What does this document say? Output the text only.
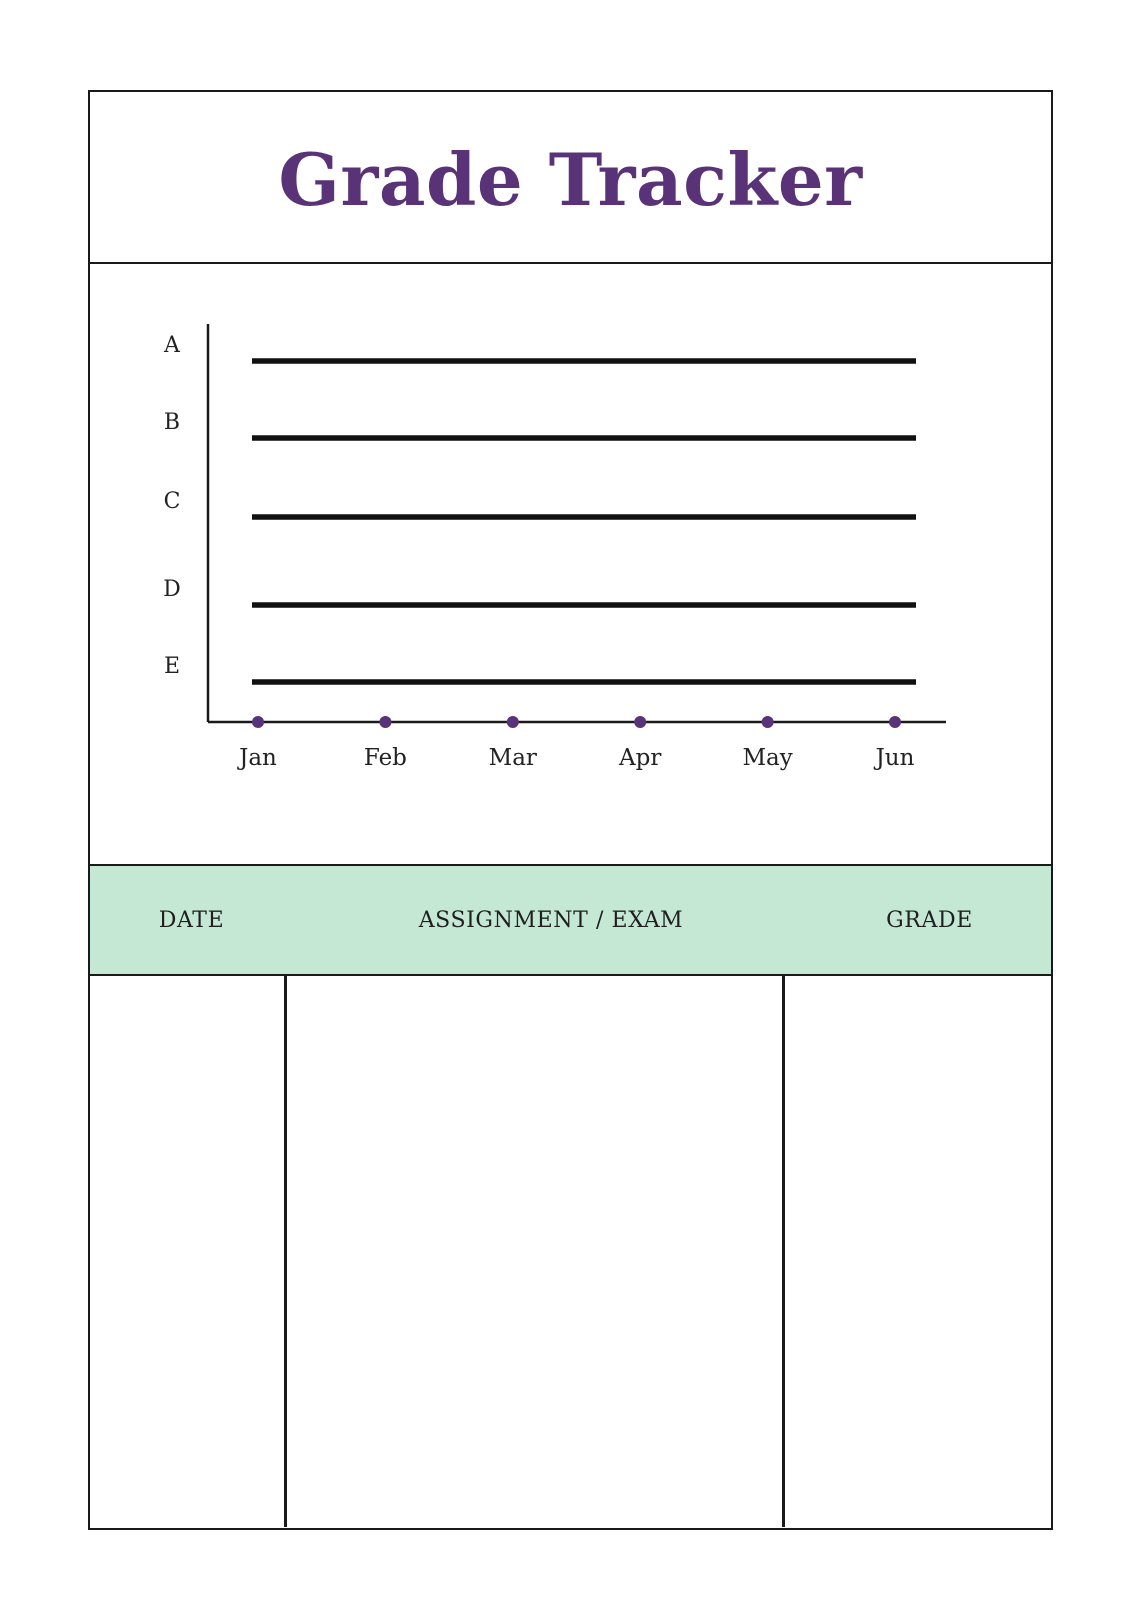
Grade Tracker
A
B
C
D
E
Jan	Feb	Mar	Apr	May	Jun
DATE	ASSIGNMENT / EXAM	GRADE
